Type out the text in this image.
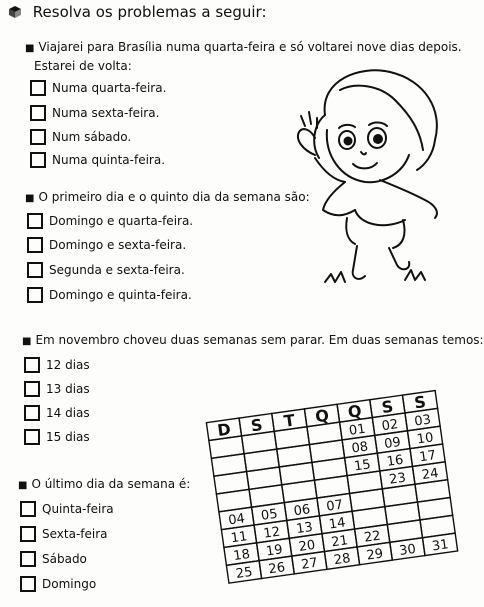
Resolva os problemas a seguir:
■ Viajarei para Brasília numa quarta-feira e só voltarei nove dias depois.
Estarei de volta:
Numa quarta-feira.
Numa sexta-feira.
Num sábado.
Numa quinta-feira.
■ O primeiro dia e o quinto dia da semana são:
Domingo e quarta-feira.
Domingo e sexta-feira.
Segunda e sexta-feira.
Domingo e quinta-feira.
■ Em novembro choveu duas semanas sem parar. Em duas semanas temos:
12 dias
13 dias
14 dias
15 dias
■ O último dia da semana é:
Quinta-feira
Sexta-feira
Sábado
Domingo
D S T Q Q S S
01 02 03
08 09 10
15 16 17
23 24
04 05 06 07
11 12 13 14
18 19 20 21 22
25 26 27 28 29 30 31
